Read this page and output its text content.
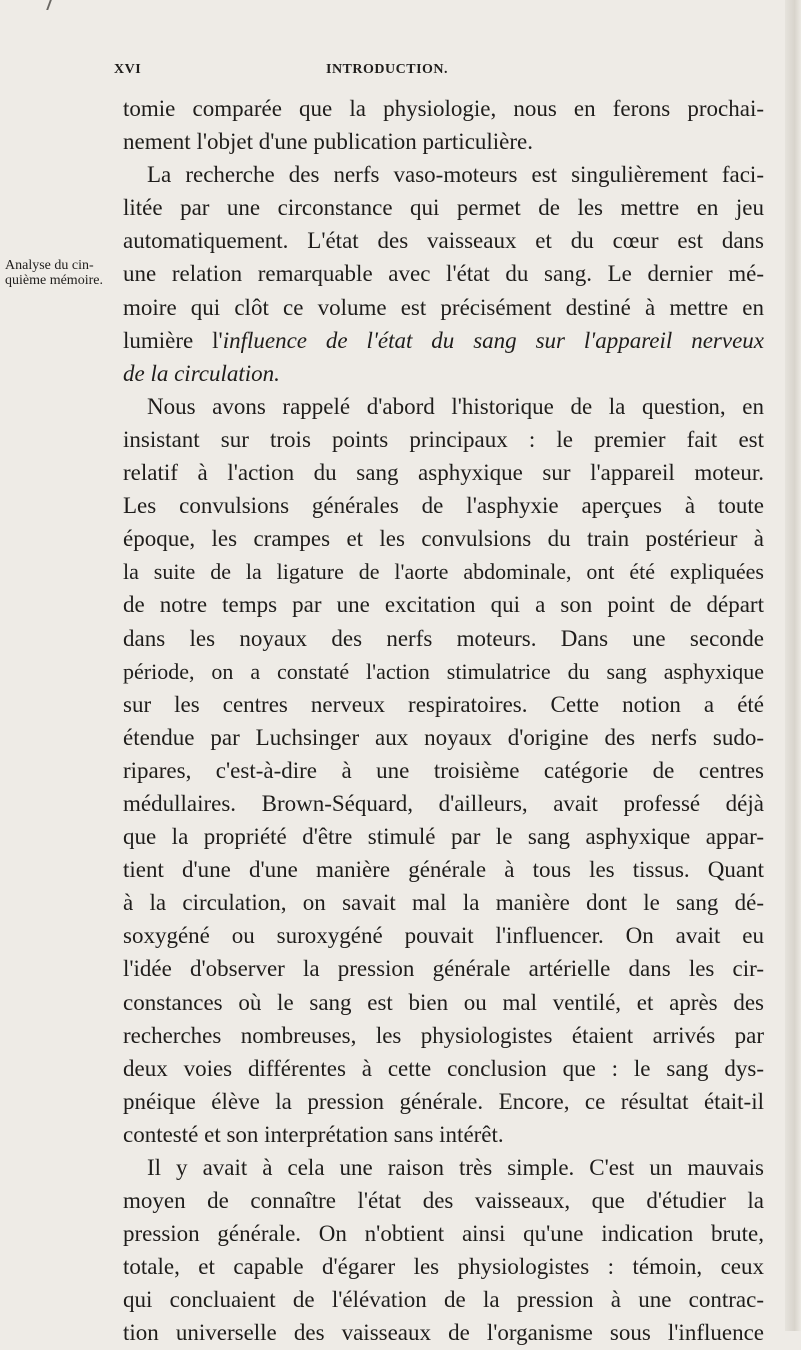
XVI	INTRODUCTION.
Analyse du cin-
quième mémoire.
tomie comparée que la physiologie, nous en ferons prochai-
nement l'objet d'une publication particulière.
La recherche des nerfs vaso-moteurs est singulièrement faci-
litée par une circonstance qui permet de les mettre en jeu
automatiquement. L'état des vaisseaux et du cœur est dans
une relation remarquable avec l'état du sang. Le dernier mé-
moire qui clôt ce volume est précisément destiné à mettre en
lumière l'influence de l'état du sang sur l'appareil nerveux
de la circulation.
Nous avons rappelé d'abord l'historique de la question, en
insistant sur trois points principaux : le premier fait est
relatif à l'action du sang asphyxique sur l'appareil moteur.
Les convulsions générales de l'asphyxie aperçues à toute
époque, les crampes et les convulsions du train postérieur à
la suite de la ligature de l'aorte abdominale, ont été expliquées
de notre temps par une excitation qui a son point de départ
dans les noyaux des nerfs moteurs. Dans une seconde
période, on a constaté l'action stimulatrice du sang asphyxique
sur les centres nerveux respiratoires. Cette notion a été
étendue par Luchsinger aux noyaux d'origine des nerfs sudo-
ripares, c'est-à-dire à une troisième catégorie de centres
médullaires. Brown-Séquard, d'ailleurs, avait professé déjà
que la propriété d'être stimulé par le sang asphyxique appar-
tient d'une d'une manière générale à tous les tissus. Quant
à la circulation, on savait mal la manière dont le sang dé-
soxygéné ou suroxygéné pouvait l'influencer. On avait eu
l'idée d'observer la pression générale artérielle dans les cir-
constances où le sang est bien ou mal ventilé, et après des
recherches nombreuses, les physiologistes étaient arrivés par
deux voies différentes à cette conclusion que : le sang dys-
pnéique élève la pression générale. Encore, ce résultat était-il
contesté et son interprétation sans intérêt.
Il y avait à cela une raison très simple. C'est un mauvais
moyen de connaître l'état des vaisseaux, que d'étudier la
pression générale. On n'obtient ainsi qu'une indication brute,
totale, et capable d'égarer les physiologistes : témoin, ceux
qui concluaient de l'élévation de la pression à une contrac-
tion universelle des vaisseaux de l'organisme sous l'influence
